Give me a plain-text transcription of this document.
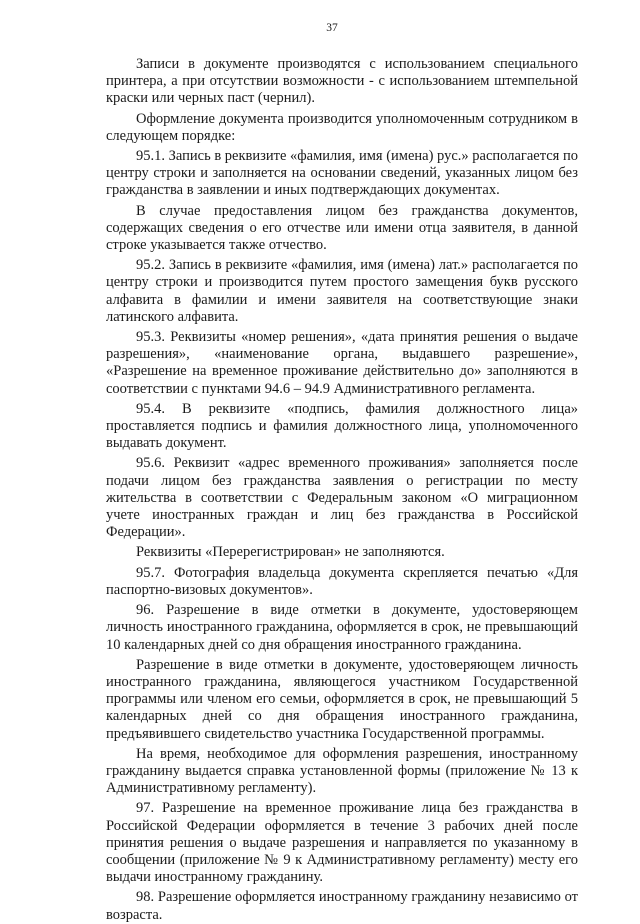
37

Записи в документе производятся с использованием специального принтера, а при отсутствии возможности - с использованием штемпельной краски или черных паст (чернил).

Оформление документа производится уполномоченным сотрудником в следующем порядке:

95.1. Запись в реквизите «фамилия, имя (имена) рус.» располагается по центру строки и заполняется на основании сведений, указанных лицом без гражданства в заявлении и иных подтверждающих документах.

В случае предоставления лицом без гражданства документов, содержащих сведения о его отчестве или имени отца заявителя, в данной строке указывается также отчество.

95.2. Запись в реквизите «фамилия, имя (имена) лат.» располагается по центру строки и производится путем простого замещения букв русского алфавита в фамилии и имени заявителя на соответствующие знаки латинского алфавита.

95.3. Реквизиты «номер решения», «дата принятия решения о выдаче разрешения», «наименование органа, выдавшего разрешение», «Разрешение на временное проживание действительно до» заполняются в соответствии с пунктами 94.6 – 94.9 Административного регламента.

95.4. В реквизите «подпись, фамилия должностного лица» проставляется подпись и фамилия должностного лица, уполномоченного выдавать документ.

95.6. Реквизит «адрес временного проживания» заполняется после подачи лицом без гражданства заявления о регистрации по месту жительства в соответствии с Федеральным законом «О миграционном учете иностранных граждан и лиц без гражданства в Российской Федерации».

Реквизиты «Перерегистрирован» не заполняются.

95.7. Фотография владельца документа скрепляется печатью «Для паспортно-визовых документов».

96. Разрешение в виде отметки в документе, удостоверяющем личность иностранного гражданина, оформляется в срок, не превышающий 10 календарных дней со дня обращения иностранного гражданина.

Разрешение в виде отметки в документе, удостоверяющем личность иностранного гражданина, являющегося участником Государственной программы или членом его семьи, оформляется в срок, не превышающий 5 календарных дней со дня обращения иностранного гражданина, предъявившего свидетельство участника Государственной программы.

На время, необходимое для оформления разрешения, иностранному гражданину выдается справка установленной формы (приложение № 13 к Административному регламенту).

97. Разрешение на временное проживание лица без гражданства в Российской Федерации оформляется в течение 3 рабочих дней после принятия решения о выдаче разрешения и направляется по указанному в сообщении (приложение № 9 к Административному регламенту) месту его выдачи иностранному гражданину.

98. Разрешение оформляется иностранному гражданину независимо от возраста.
